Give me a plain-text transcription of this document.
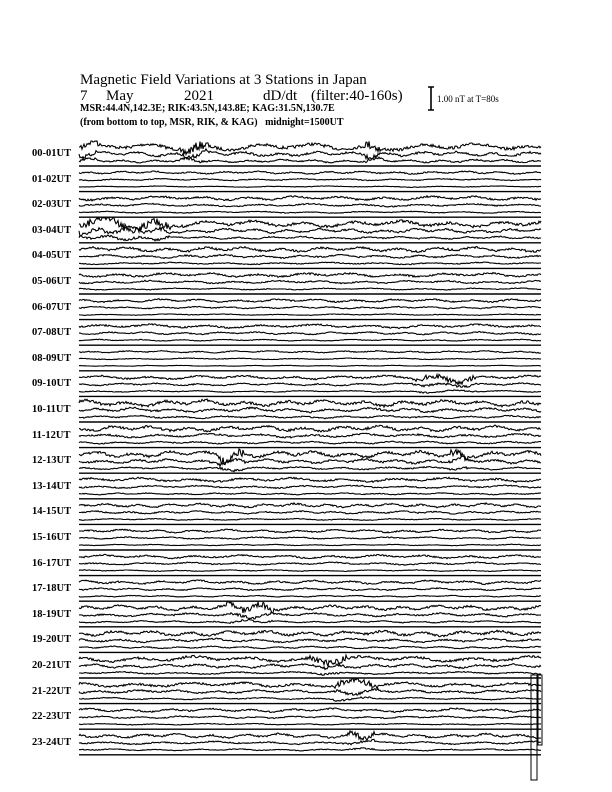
Magnetic Field Variations at 3 Stations in Japan
7 May	2021	dD/dt (filter:40-160s)
MSR:44.4N,142.3E; RIK:43.5N,143.8E; KAG:31.5N,130.7E
(from bottom to top, MSR, RIK, & KAG)   midnight=1500UT
1.00 nT at T=80s
00-01UT
01-02UT
02-03UT
03-04UT
04-05UT
05-06UT
06-07UT
07-08UT
08-09UT
09-10UT
10-11UT
11-12UT
12-13UT
13-14UT
14-15UT
15-16UT
16-17UT
17-18UT
18-19UT
19-20UT
20-21UT
21-22UT
22-23UT
23-24UT
